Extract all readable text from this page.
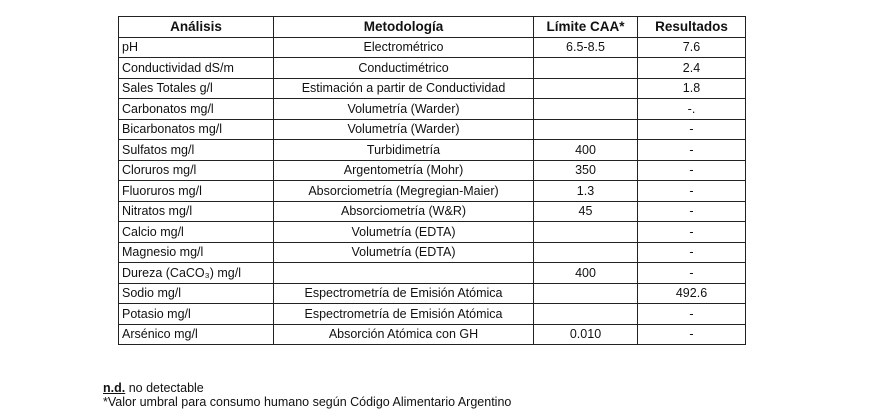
Análisis	Metodología	Límite CAA*	Resultados
pH	Electrométrico	6.5-8.5	7.6
Conductividad dS/m	Conductimétrico		2.4
Sales Totales g/l	Estimación a partir de Conductividad		1.8
Carbonatos mg/l	Volumetría (Warder)		-.
Bicarbonatos mg/l	Volumetría (Warder)		-
Sulfatos mg/l	Turbidimetría	400	-
Cloruros mg/l	Argentometría (Mohr)	350	-
Fluoruros mg/l	Absorciometría (Megregian-Maier)	1.3	-
Nitratos mg/l	Absorciometría (W&R)	45	-
Calcio mg/l	Volumetría (EDTA)		-
Magnesio mg/l	Volumetría (EDTA)		-
Dureza (CaCO₃) mg/l		400	-
Sodio mg/l	Espectrometría de Emisión Atómica		492.6
Potasio mg/l	Espectrometría de Emisión Atómica		-
Arsénico mg/l	Absorción Atómica con GH	0.010	-
n.d. no detectable
*Valor umbral para consumo humano según Código Alimentario Argentino
